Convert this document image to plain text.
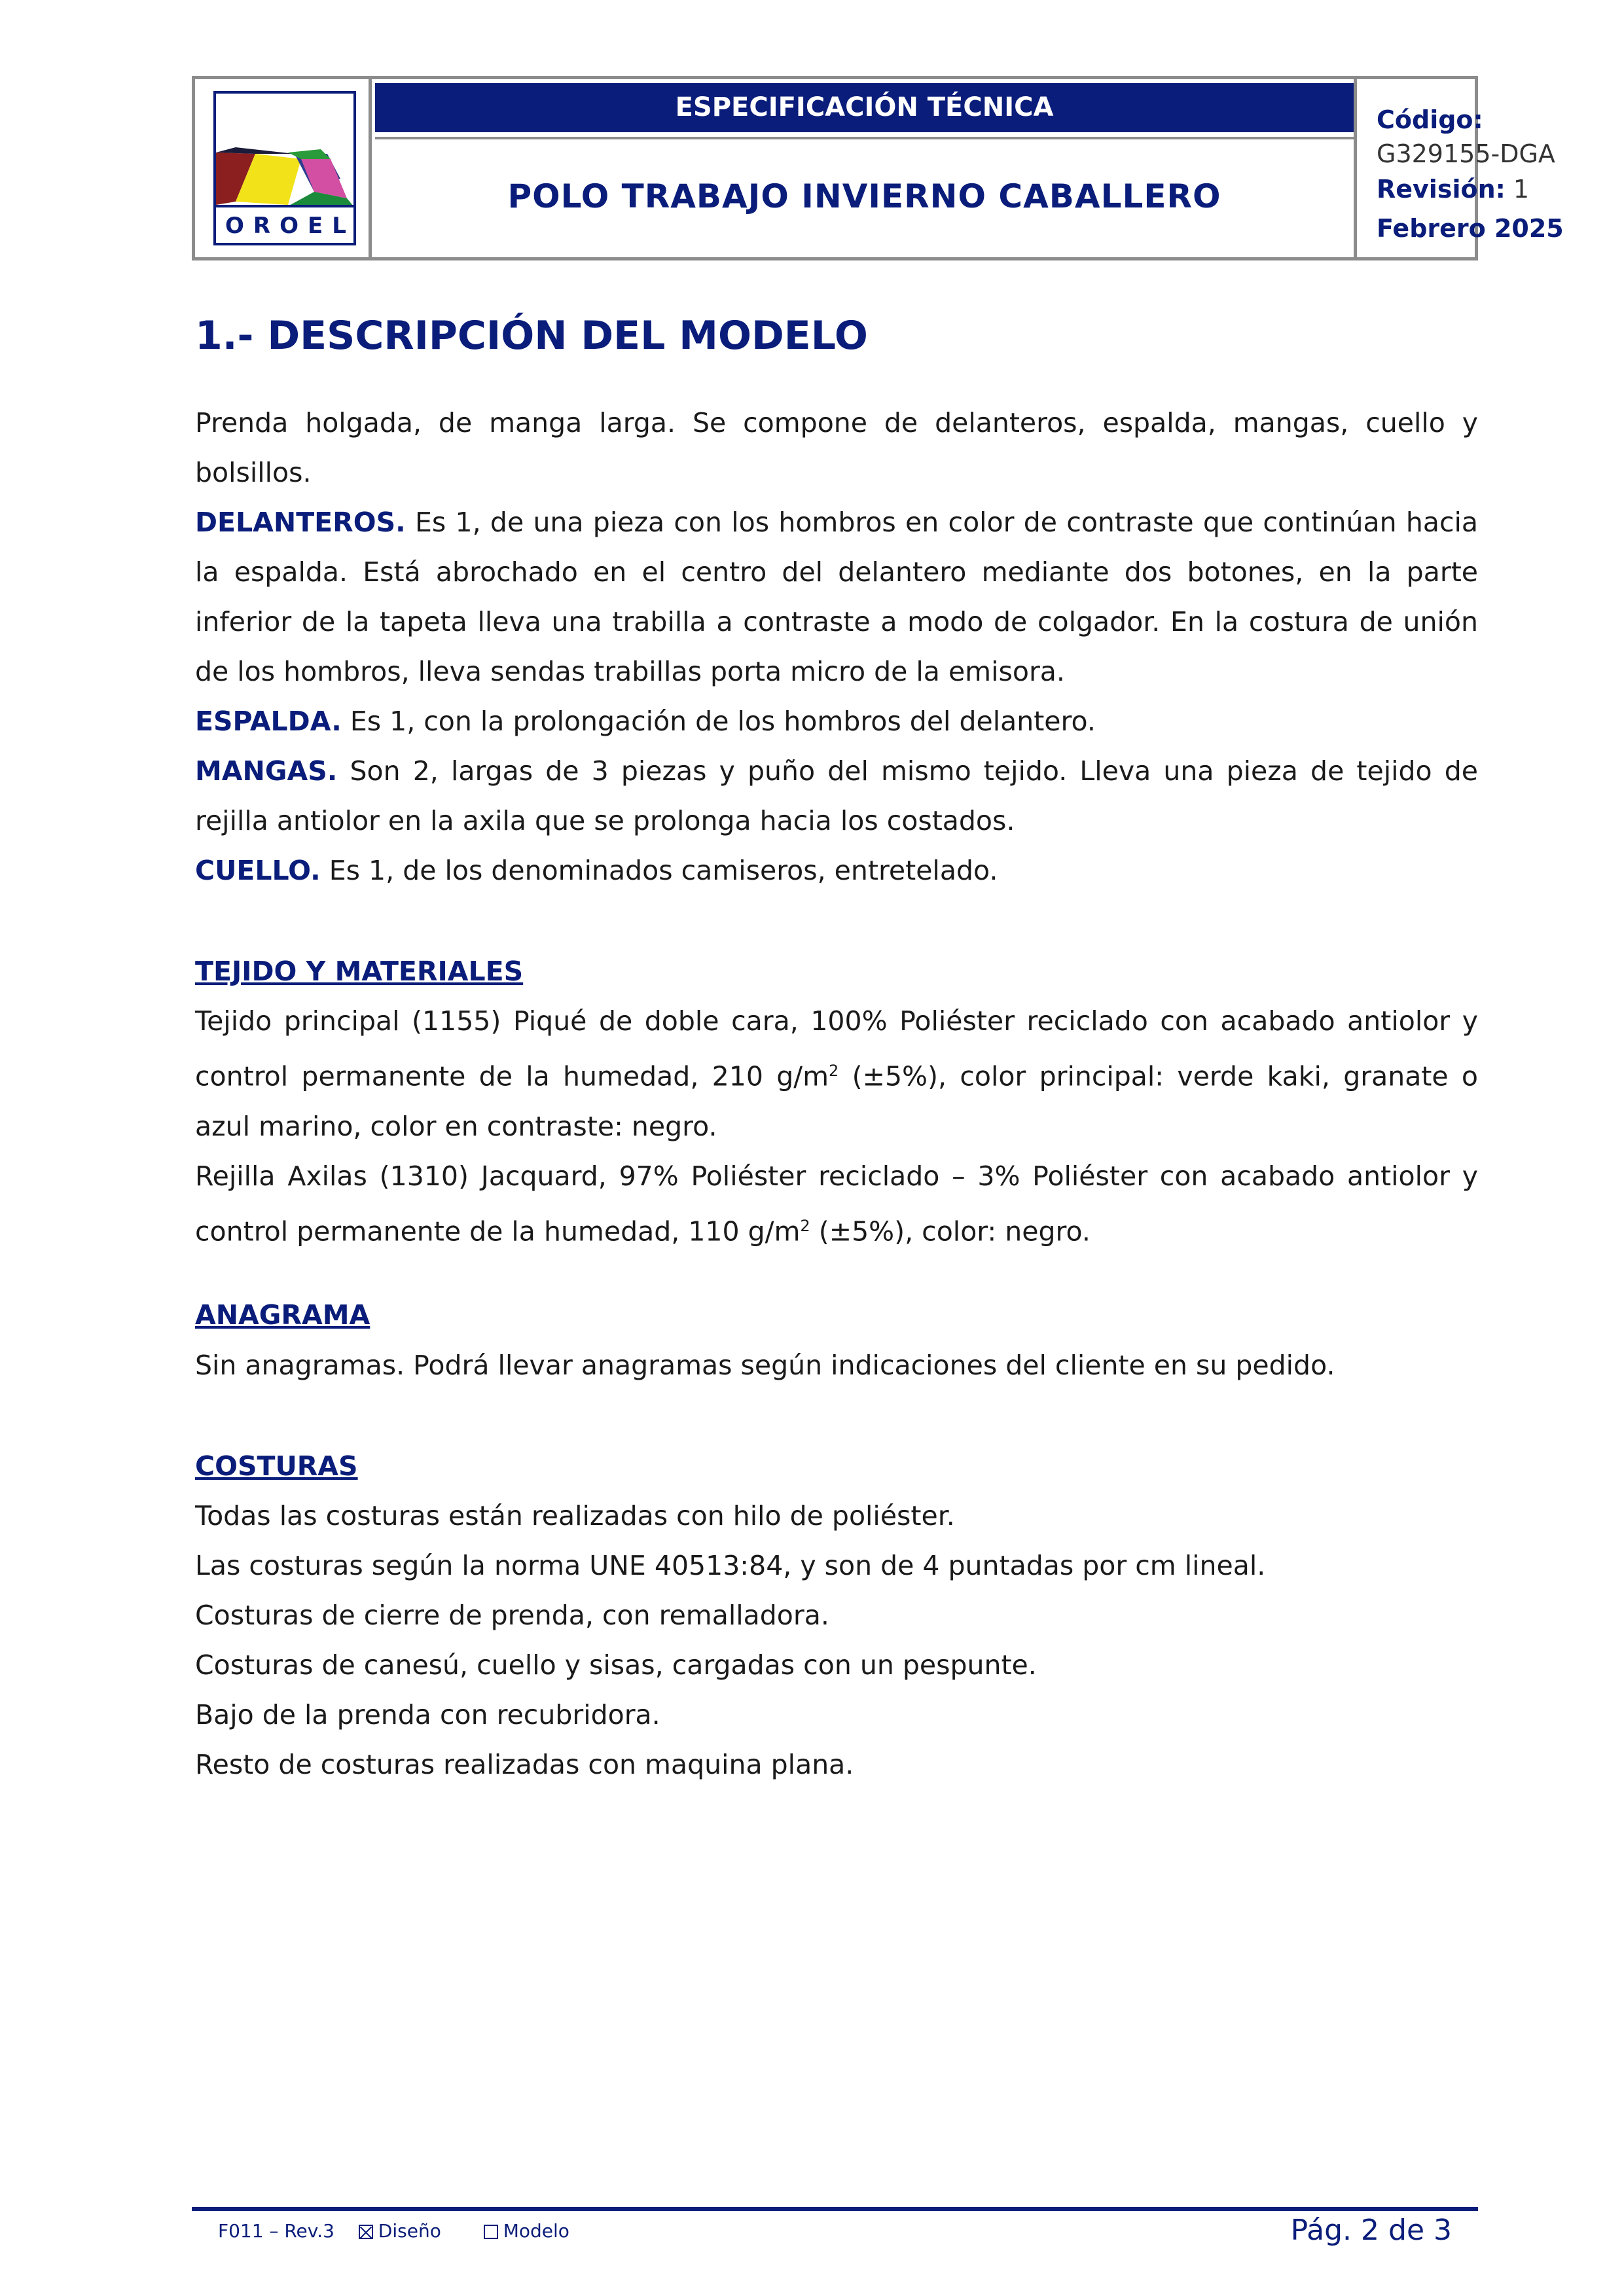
OROEL
ESPECIFICACIÓN TÉCNICA
POLO TRABAJO INVIERNO CABALLERO
Código:
G329155-DGA
Revisión: 1
Febrero 2025
1.- DESCRIPCIÓN DEL MODELO
Prenda holgada, de manga larga. Se compone de delanteros, espalda, mangas, cuello y bolsillos.
DELANTEROS. Es 1, de una pieza con los hombros en color de contraste que continúan hacia la espalda. Está abrochado en el centro del delantero mediante dos botones, en la parte inferior de la tapeta lleva una trabilla a contraste a modo de colgador. En la costura de unión de los hombros, lleva sendas trabillas porta micro de la emisora.
ESPALDA. Es 1, con la prolongación de los hombros del delantero.
MANGAS. Son 2, largas de 3 piezas y puño del mismo tejido. Lleva una pieza de tejido de rejilla antiolor en la axila que se prolonga hacia los costados.
CUELLO. Es 1, de los denominados camiseros, entretelado.
TEJIDO Y MATERIALES
Tejido principal (1155) Piqué de doble cara, 100% Poliéster reciclado con acabado antiolor y control permanente de la humedad, 210 $g/m^2$ (±5%), color principal: verde kaki, granate o azul marino, color en contraste: negro.
Rejilla Axilas (1310) Jacquard, 97% Poliéster reciclado – 3% Poliéster con acabado antiolor y control permanente de la humedad, 110 $g/m^2$ (±5%), color: negro.
ANAGRAMA
Sin anagramas. Podrá llevar anagramas según indicaciones del cliente en su pedido.
COSTURAS
Todas las costuras están realizadas con hilo de poliéster.
Las costuras según la norma UNE 40513:84, y son de 4 puntadas por cm lineal.
Costuras de cierre de prenda, con remalladora.
Costuras de canesú, cuello y sisas, cargadas con un pespunte.
Bajo de la prenda con recubridora.
Resto de costuras realizadas con maquina plana.
F011 – Rev.3 Diseño	Modelo	Pág. 2 de 3
